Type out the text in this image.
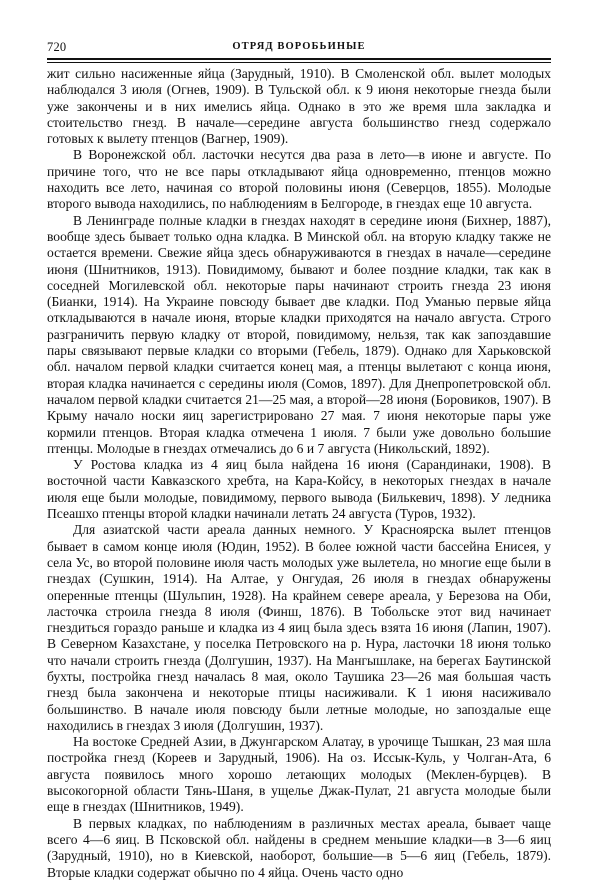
720	ОТРЯД ВОРОБЬИНЫЕ

жит сильно насиженные яйца (Зарудный, 1910). В Смоленской обл. вылет молодых наблюдался 3 июля (Огнев, 1909). В Тульской обл. к 9 июня некоторые гнезда были уже закончены и в них имелись яйца. Однако в это же время шла закладка и стоительство гнезд. В начале—середине августа большинство гнезд содержало готовых к вылету птенцов (Вагнер, 1909).

В Воронежской обл. ласточки несутся два раза в лето—в июне и августе. По причине того, что не все пары откладывают яйца одновременно, птенцов можно находить все лето, начиная со второй половины июня (Северцов, 1855). Молодые второго вывода находились, по наблюдениям в Белгороде, в гнездах еще 10 августа.

В Ленинграде полные кладки в гнездах находят в середине июня (Бихнер, 1887), вообще здесь бывает только одна кладка. В Минской обл. на вторую кладку также не остается времени. Свежие яйца здесь обнаруживаются в гнездах в начале—середине июня (Шнитников, 1913). Повидимому, бывают и более поздние кладки, так как в соседней Могилевской обл. некоторые пары начинают строить гнезда 23 июня (Бианки, 1914). На Украине повсюду бывает две кладки. Под Уманью первые яйца откладываются в начале июня, вторые кладки приходятся на начало августа. Строго разграничить первую кладку от второй, повидимому, нельзя, так как запоздавшие пары связывают первые кладки со вторыми (Гебель, 1879). Однако для Харьковской обл. началом первой кладки считается конец мая, а птенцы вылетают с конца июня, вторая кладка начинается с середины июля (Сомов, 1897). Для Днепропетровской обл. началом первой кладки считается 21—25 мая, а второй—28 июня (Боровиков, 1907). В Крыму начало носки яиц зарегистрировано 27 мая. 7 июня некоторые пары уже кормили птенцов. Вторая кладка отмечена 1 июля. 7 были уже довольно большие птенцы. Молодые в гнездах отмечались до 6 и 7 августа (Никольский, 1892).

У Ростова кладка из 4 яиц была найдена 16 июня (Сарандинаки, 1908). В восточной части Кавказского хребта, на Кара-Койсу, в некоторых гнездах в начале июля еще были молодые, повидимому, первого вывода (Билькевич, 1898). У ледника Псеашхо птенцы второй кладки начинали летать 24 августа (Туров, 1932).

Для азиатской части ареала данных немного. У Красноярска вылет птенцов бывает в самом конце июля (Юдин, 1952). В более южной части бассейна Енисея, у села Ус, во второй половине июля часть молодых уже вылетела, но многие еще были в гнездах (Сушкин, 1914). На Алтае, у Онгудая, 26 июля в гнездах обнаружены оперенные птенцы (Шульпин, 1928). На крайнем севере ареала, у Березова на Оби, ласточка строила гнезда 8 июля (Финш, 1876). В Тобольске этот вид начинает гнездиться гораздо раньше и кладка из 4 яиц была здесь взята 16 июня (Лапин, 1907). В Северном Казахстане, у поселка Петровского на р. Нура, ласточки 18 июня только что начали строить гнезда (Долгушин, 1937). На Мангышлаке, на берегах Баутинской бухты, постройка гнезд началась 8 мая, около Таушика 23—26 мая большая часть гнезд была закончена и некоторые птицы насиживали. К 1 июня насиживало большинство. В начале июля повсюду были летные молодые, но запоздалые еще находились в гнездах 3 июля (Долгушин, 1937).

На востоке Средней Азии, в Джунгарском Алатау, в урочище Тышкан, 23 мая шла постройка гнезд (Кореев и Зарудный, 1906). На оз. Иссык-Куль, у Чолган-Ата, 6 августа появилось много хорошо летающих молодых (Меклен-бурцев). В высокогорной области Тянь-Шаня, в ущелье Джак-Пулат, 21 августа молодые были еще в гнездах (Шнитников, 1949).

В первых кладках, по наблюдениям в различных местах ареала, бывает чаще всего 4—6 яиц. В Псковской обл. найдены в среднем меньшие кладки—в 3—6 яиц (Зарудный, 1910), но в Киевской, наоборот, большие—в 5—6 яиц (Гебель, 1879). Вторые кладки содержат обычно по 4 яйца. Очень часто одно
